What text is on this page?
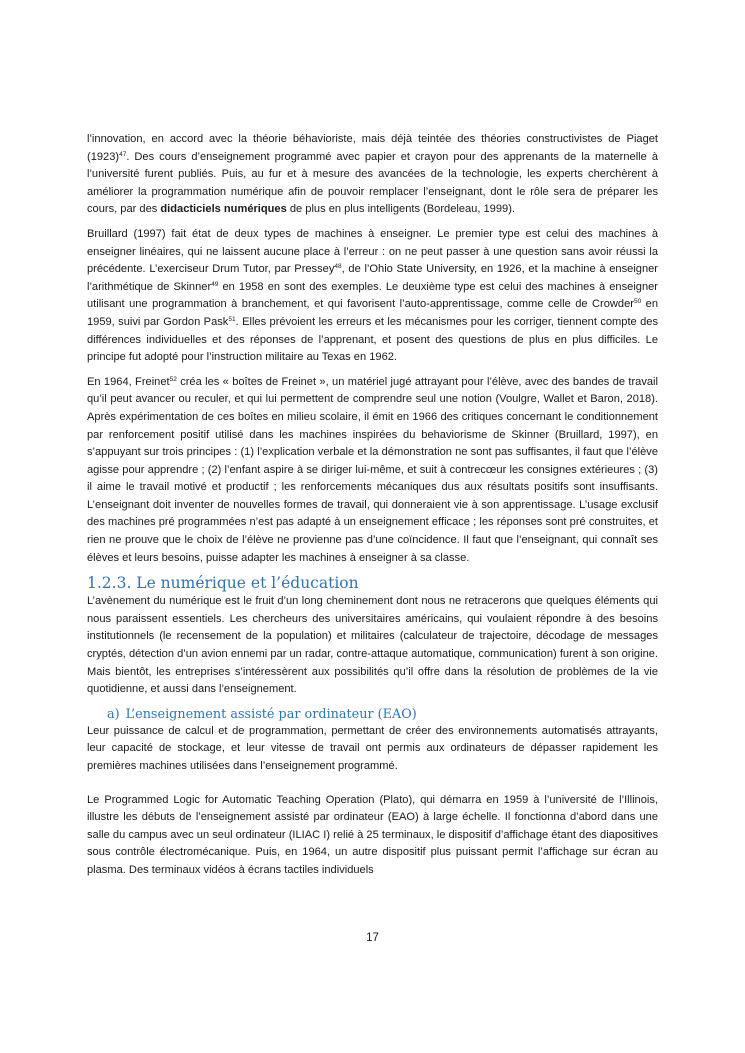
l’innovation, en accord avec la théorie béhavioriste, mais déjà teintée des théories constructivistes de Piaget $(1923)^{47}$. Des cours d’enseignement programmé avec papier et crayon pour des apprenants de la maternelle à l’université furent publiés. Puis, au fur et à mesure des avancées de la technologie, les experts cherchèrent à améliorer la programmation numérique afin de pouvoir remplacer l’enseignant, dont le rôle sera de préparer les cours, par des didacticiels numériques de plus en plus intelligents (Bordeleau, 1999).

Bruillard (1997) fait état de deux types de machines à enseigner. Le premier type est celui des machines à enseigner linéaires, qui ne laissent aucune place à l’erreur : on ne peut passer à une question sans avoir réussi la précédente. L’exerciseur Drum Tutor, par Pressey$^{48}$, de l’Ohio State University, en 1926, et la machine à enseigner l’arithmétique de Skinner$^{49}$ en 1958 en sont des exemples. Le deuxième type est celui des machines à enseigner utilisant une programmation à branchement, et qui favorisent l’auto-apprentissage, comme celle de Crowder$^{50}$ en 1959, suivi par Gordon Pask$^{51}$. Elles prévoient les erreurs et les mécanismes pour les corriger, tiennent compte des différences individuelles et des réponses de l’apprenant, et posent des questions de plus en plus difficiles. Le principe fut adopté pour l’instruction militaire au Texas en 1962.

En 1964, Freinet$^{52}$ créa les « boîtes de Freinet », un matériel jugé attrayant pour l’élève, avec des bandes de travail qu’il peut avancer ou reculer, et qui lui permettent de comprendre seul une notion (Voulgre, Wallet et Baron, 2018). Après expérimentation de ces boîtes en milieu scolaire, il émit en 1966 des critiques concernant le conditionnement par renforcement positif utilisé dans les machines inspirées du behaviorisme de Skinner (Bruillard, 1997), en s’appuyant sur trois principes : (1) l’explication verbale et la démonstration ne sont pas suffisantes, il faut que l’élève agisse pour apprendre ; (2) l’enfant aspire à se diriger lui-même, et suit à contrecœur les consignes extérieures ; (3) il aime le travail motivé et productif ; les renforcements mécaniques dus aux résultats positifs sont insuffisants. L’enseignant doit inventer de nouvelles formes de travail, qui donneraient vie à son apprentissage. L’usage exclusif des machines pré programmées n’est pas adapté à un enseignement efficace ; les réponses sont pré construites, et rien ne prouve que le choix de l’élève ne provienne pas d’une coïncidence. Il faut que l’enseignant, qui connaît ses élèves et leurs besoins, puisse adapter les machines à enseigner à sa classe.

1.2.3. Le numérique et l’éducation

L’avènement du numérique est le fruit d’un long cheminement dont nous ne retracerons que quelques éléments qui nous paraissent essentiels. Les chercheurs des universitaires américains, qui voulaient répondre à des besoins institutionnels (le recensement de la population) et militaires (calculateur de trajectoire, décodage de messages cryptés, détection d’un avion ennemi par un radar, contre-attaque automatique, communication) furent à son origine. Mais bientôt, les entreprises s’intéressèrent aux possibilités qu’il offre dans la résolution de problèmes de la vie quotidienne, et aussi dans l’enseignement.

a) L’enseignement assisté par ordinateur (EAO)

Leur puissance de calcul et de programmation, permettant de créer des environnements automatisés attrayants, leur capacité de stockage, et leur vitesse de travail ont permis aux ordinateurs de dépasser rapidement les premières machines utilisées dans l’enseignement programmé.

Le Programmed Logic for Automatic Teaching Operation (Plato), qui démarra en 1959 à l’université de l’Illinois, illustre les débuts de l’enseignement assisté par ordinateur (EAO) à large échelle. Il fonctionna d’abord dans une salle du campus avec un seul ordinateur (ILIAC I) relié à 25 terminaux, le dispositif d’affichage étant des diapositives sous contrôle électromécanique. Puis, en 1964, un autre dispositif plus puissant permit l’affichage sur écran au plasma. Des terminaux vidéos à écrans tactiles individuels

17
